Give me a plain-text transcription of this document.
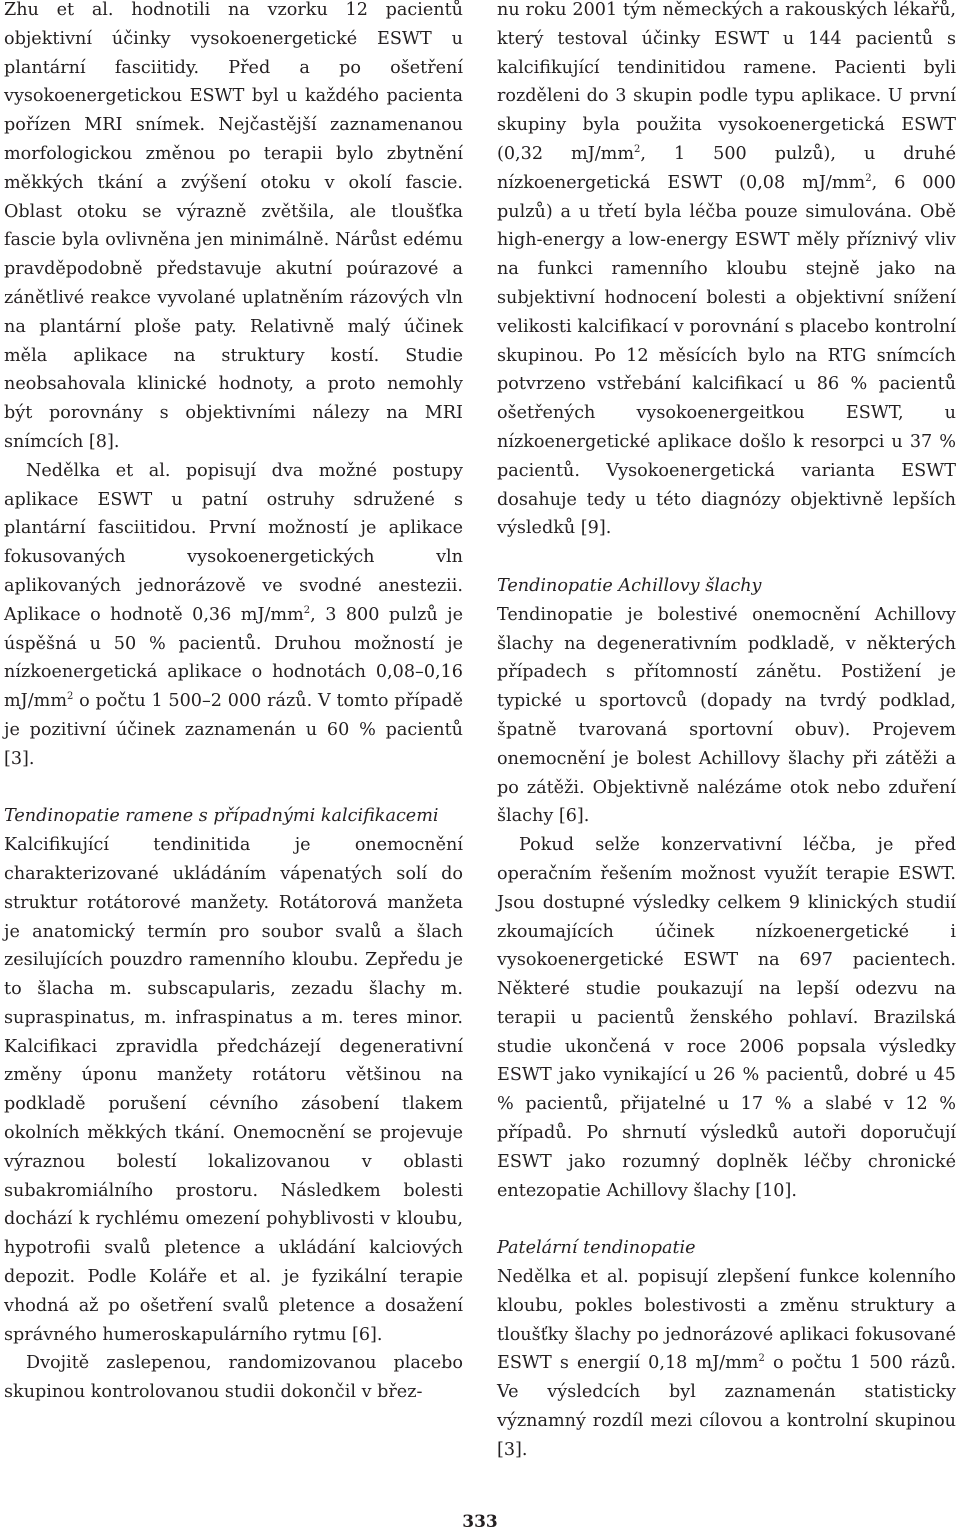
Zhu et al. hodnotili na vzorku 12 pacientů objektivní účinky vysokoenergetické ESWT u plantární fasciitidy. Před a po ošetření vysokoenergetickou ESWT byl u každého pacienta pořízen MRI snímek. Nejčastější zaznamenanou morfologickou změnou po terapii bylo zbytnění měkkých tkání a zvýšení otoku v okolí fascie. Oblast otoku se výrazně zvětšila, ale tloušťka fascie byla ovlivněna jen minimálně. Nárůst edému pravděpodobně představuje akutní poúrazové a zánětlivé reakce vyvolané uplatněním rázových vln na plantární ploše paty. Relativně malý účinek měla aplikace na struktury kostí. Studie neobsahovala klinické hodnoty, a proto nemohly být porovnány s objektivními nálezy na MRI snímcích [8].

Nedělka et al. popisují dva možné postupy aplikace ESWT u patní ostruhy sdružené s plantární fasciitidou. První možností je aplikace fokusovaných vysokoenergetických vln aplikovaných jednorázově ve svodné anestezii. Aplikace o hodnotě 0,36 $mJ/mm^2$, 3 800 pulzů je úspěšná u 50 % pacientů. Druhou možností je nízkoenergetická aplikace o hodnotách 0,08–0,16 $mJ/mm^2$ o počtu 1 500–2 000 rázů. V tomto případě je pozitivní účinek zaznamenán u 60 % pacientů [3].

Tendinopatie ramene s případnými kalcifikacemi

Kalcifikující tendinitida je onemocnění charakterizované ukládáním vápenatých solí do struktur rotátorové manžety. Rotátorová manžeta je anatomický termín pro soubor svalů a šlach zesilujících pouzdro ramenního kloubu. Zepředu je to šlacha m. subscapularis, zezadu šlachy m. supraspinatus, m. infraspinatus a m. teres minor. Kalcifikaci zpravidla předcházejí degenerativní změny úponu manžety rotátoru většinou na podkladě porušení cévního zásobení tlakem okolních měkkých tkání. Onemocnění se projevuje výraznou bolestí lokalizovanou v oblasti subakromiálního prostoru. Následkem bolesti dochází k rychlému omezení pohyblivosti v kloubu, hypotrofii svalů pletence a ukládání kalciových depozit. Podle Koláře et al. je fyzikální terapie vhodná až po ošetření svalů pletence a dosažení správného humeroskapulárního rytmu [6].

Dvojitě zaslepenou, randomizovanou placebo skupinou kontrolovanou studii dokončil v břez-

nu roku 2001 tým německých a rakouských lékařů, který testoval účinky ESWT u 144 pacientů s kalcifikující tendinitidou ramene. Pacienti byli rozděleni do 3 skupin podle typu aplikace. U první skupiny byla použita vysokoenergetická ESWT (0,32 $mJ/mm^2$, 1 500 pulzů), u druhé nízkoenergetická ESWT (0,08 $mJ/mm^2$, 6 000 pulzů) a u třetí byla léčba pouze simulována. Obě high-energy a low-energy ESWT měly příznivý vliv na funkci ramenního kloubu stejně jako na subjektivní hodnocení bolesti a objektivní snížení velikosti kalcifikací v porovnání s placebo kontrolní skupinou. Po 12 měsících bylo na RTG snímcích potvrzeno vstřebání kalcifikací u 86 % pacientů ošetřených vysokoenergeitkou ESWT, u nízkoenergetické aplikace došlo k resorpci u 37 % pacientů. Vysokoenergetická varianta ESWT dosahuje tedy u této diagnózy objektivně lepších výsledků [9].

Tendinopatie Achillovy šlachy

Tendinopatie je bolestivé onemocnění Achillovy šlachy na degenerativním podkladě, v některých případech s přítomností zánětu. Postižení je typické u sportovců (dopady na tvrdý podklad, špatně tvarovaná sportovní obuv). Projevem onemocnění je bolest Achillovy šlachy při zátěži a po zátěži. Objektivně nalézáme otok nebo zduření šlachy [6].

Pokud selže konzervativní léčba, je před operačním řešením možnost využít terapie ESWT. Jsou dostupné výsledky celkem 9 klinických studií zkoumajících účinek nízkoenergetické i vysokoenergetické ESWT na 697 pacientech. Některé studie poukazují na lepší odezvu na terapii u pacientů ženského pohlaví. Brazilská studie ukončená v roce 2006 popsala výsledky ESWT jako vynikající u 26 % pacientů, dobré u 45 % pacientů, přijatelné u 17 % a slabé v 12 % případů. Po shrnutí výsledků autoři doporučují ESWT jako rozumný doplněk léčby chronické entezopatie Achillovy šlachy [10].

Patelární tendinopatie

Nedělka et al. popisují zlepšení funkce kolenního kloubu, pokles bolestivosti a změnu struktury a tloušťky šlachy po jednorázové aplikaci fokusované ESWT s energií 0,18 $mJ/mm^2$ o počtu 1 500 rázů. Ve výsledcích byl zaznamenán statisticky významný rozdíl mezi cílovou a kontrolní skupinou [3].

333
